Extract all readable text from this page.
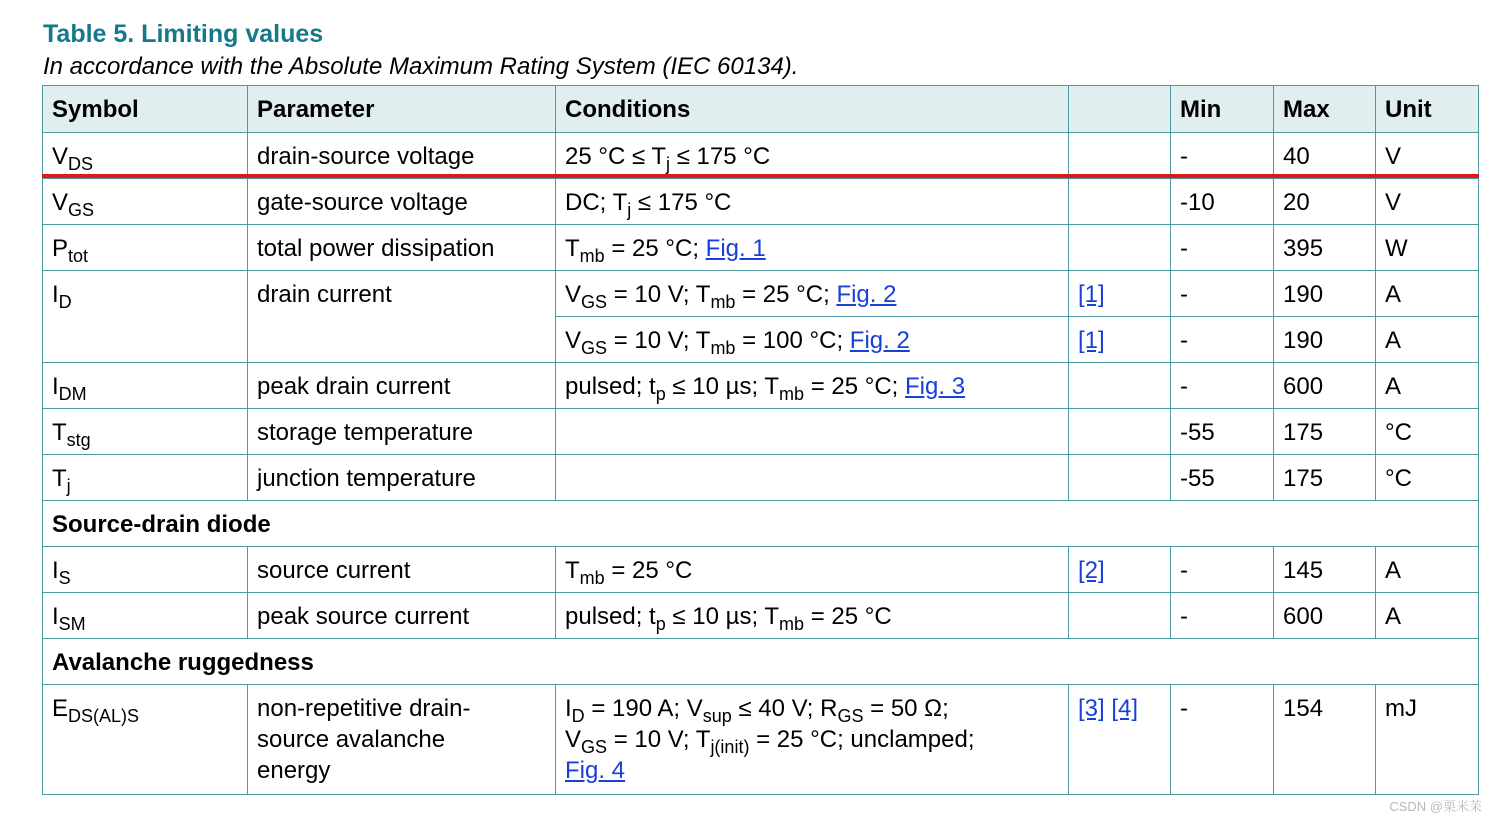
Table 5. Limiting values
In accordance with the Absolute Maximum Rating System (IEC 60134).
Symbol	Parameter	Conditions		Min	Max	Unit
$V_{DS}$	drain-source voltage	25 $^\circ C \le T_j \le 175$ °C		-	40	V
$V_{GS}$	gate-source voltage	DC; $T_j \le 175$ °C		-10	20	V
$P_{tot}$	total power dissipation	$T_{mb} = 25$ °C; Fig. 1		-	395	W
$I_D$	drain current	$V_{GS} = 10$ V; $T_{mb} = 25$ °C; Fig. 2	[1]	-	190	A
		$V_{GS} = 10$ V; $T_{mb} = 100$ °C; Fig. 2	[1]	-	190	A
$I_{DM}$	peak drain current	pulsed; $t_p \le 10$ µs; $T_{mb} = 25$ °C; Fig. 3		-	600	A
$T_{stg}$	storage temperature			-55	175	°C
$T_j$	junction temperature			-55	175	°C
Source-drain diode						
$I_S$	source current	$T_{mb} = 25$ °C	[2]	-	145	A
$I_{SM}$	peak source current	pulsed; $t_p \le 10$ µs; $T_{mb} = 25$ °C		-	600	A
Avalanche ruggedness						
$E_{DS(AL)S}$	non-repetitive drain-source avalanche energy	$I_D = 190$ A; $V_{sup} \le 40$ V; $R_{GS} = 50$ Ω;
$V_{GS} = 10$ V; $T_{j(init)} = 25$ °C; unclamped;
Fig. 4	[3] [4]	-	154	mJ
CSDN @栗米苿
